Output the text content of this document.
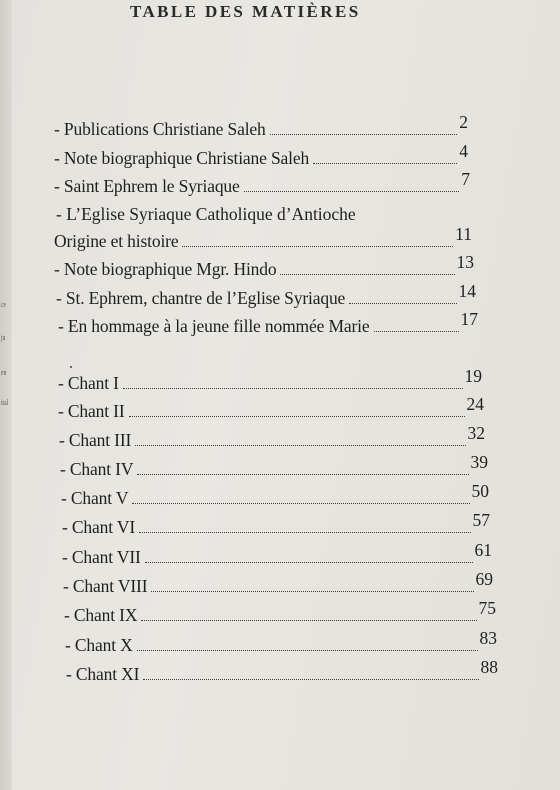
ce
ju
en
ital
TABLE DES MATIÈRES
- Publications Christiane Saleh	2
- Note biographique Christiane Saleh	4
- Saint Ephrem le Syriaque	7
- L’Eglise Syriaque Catholique d’Antioche
Origine et histoire	11
- Note biographique Mgr. Hindo	13
- St. Ephrem, chantre de l’Eglise Syriaque	14
- En hommage à la jeune fille nommée Marie	17
- Chant I	19
- Chant II	24
- Chant III	32
- Chant IV	39
- Chant V	50
- Chant VI	57
- Chant VII	61
- Chant VIII	69
- Chant IX	75
- Chant X	83
- Chant XI	88
